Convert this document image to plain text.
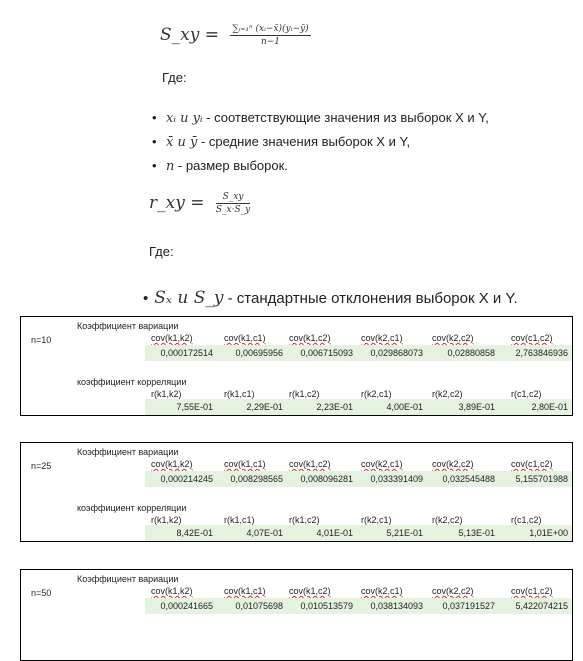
S_xy = $\frac{\text{∑ᵢ₌₁ⁿ (xᵢ−x̄)(yᵢ−ȳ)}}{n-1}$
Где:
• xᵢ и yᵢ - соответствующие значения из выборок X и Y,
• x̄ и ȳ - средние значения выборок X и Y,
• n - размер выборок.
r_xy = $\frac{S\_xy}{S\_x\cdot S\_y}$
Где:
• Sₓ и S_y - стандартные отклонения выборок X и Y.
n=10
Коэффициент вариации
cov(k1,k2)	cov(k1,c1)	cov(k1,c2)	cov(k2,c1)	cov(k2,c2)	cov(c1,c2)
0,000172514	0,00695956	0,006715093	0,029868073	0,02880858	2,763846936
коэффициент корреляции
r(k1,k2)	r(k1,c1)	r(k1,c2)	r(k2,c1)	r(k2,c2)	r(c1,c2)
7,55E-01	2,29E-01	2,23E-01	4,00E-01	3,89E-01	2,80E-01
n=25
Коэффициент вариации
cov(k1,k2)	cov(k1,c1)	cov(k1,c2)	cov(k2,c1)	cov(k2,c2)	cov(c1,c2)
0,000214245	0,008298565	0,008096281	0,033391409	0,032545488	5,155701988
коэффициент корреляции
r(k1,k2)	r(k1,c1)	r(k1,c2)	r(k2,c1)	r(k2,c2)	r(c1,c2)
8,42E-01	4,07E-01	4,01E-01	5,21E-01	5,13E-01	1,01E+00
n=50
Коэффициент вариации
cov(k1,k2)	cov(k1,c1)	cov(k1,c2)	cov(k2,c1)	cov(k2,c2)	cov(c1,c2)
0,000241665	0,01075698	0,010513579	0,038134093	0,037191527	5,422074215
